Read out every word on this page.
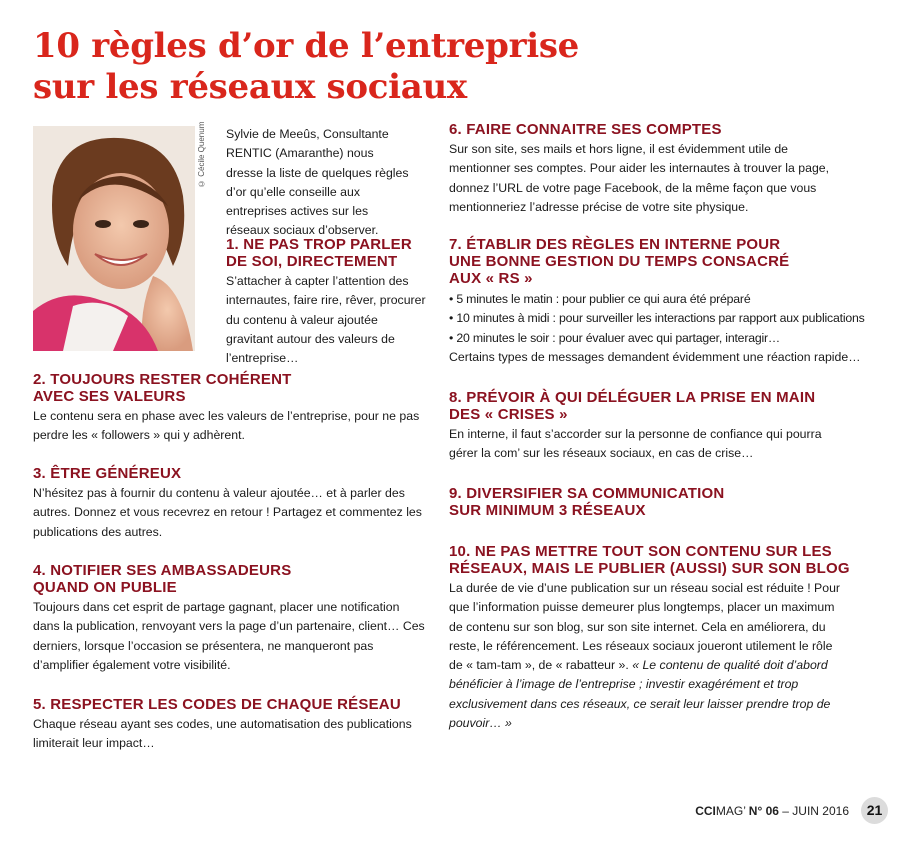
10 règles d’or de l’entreprise
sur les réseaux sociaux
© Cécile Quenum Sylvie de Meeûs, Consultante RENTIC (Amaranthe) nous dresse la liste de quelques règles d’or qu’elle conseille aux entreprises actives sur les réseaux sociaux d’observer.

1. NE PAS TROP PARLER
DE SOI, DIRECTEMENT

S’attacher à capter l’attention des internautes, faire rire, rêver, procurer du contenu à valeur ajoutée gravitant autour des valeurs de l’entreprise…

2. TOUJOURS RESTER COHÉRENT
AVEC SES VALEURS

Le contenu sera en phase avec les valeurs de l’entreprise, pour ne pas perdre les « followers » qui y adhèrent.

3. ÊTRE GÉNÉREUX

N’hésitez pas à fournir du contenu à valeur ajoutée… et à parler des autres. Donnez et vous recevrez en retour ! Partagez et commentez les publications des autres.

4. NOTIFIER SES AMBASSADEURS
QUAND ON PUBLIE

Toujours dans cet esprit de partage gagnant, placer une notification dans la publication, renvoyant vers la page d’un partenaire, client… Ces derniers, lorsque l’occasion se présentera, ne manqueront pas d’amplifier également votre visibilité.

5. RESPECTER LES CODES DE CHAQUE RÉSEAU

Chaque réseau ayant ses codes, une automatisation des publications limiterait leur impact…

6. FAIRE CONNAITRE SES COMPTES

Sur son site, ses mails et hors ligne, il est évidemment utile de mentionner ses comptes. Pour aider les internautes à trouver la page, donnez l’URL de votre page Facebook, de la même façon que vous mentionneriez l’adresse précise de votre site physique.

7. ÉTABLIR DES RÈGLES EN INTERNE POUR
UNE BONNE GESTION DU TEMPS CONSACRÉ
AUX « RS »
• 5 minutes le matin : pour publier ce qui aura été préparé
• 10 minutes à midi : pour surveiller les interactions par rapport aux publications
• 20 minutes le soir : pour évaluer avec qui partager, interagir…

Certains types de messages demandent évidemment une réaction rapide…

8. PRÉVOIR À QUI DÉLÉGUER LA PRISE EN MAIN
DES « CRISES »

En interne, il faut s’accorder sur la personne de confiance qui pourra gérer la com’ sur les réseaux sociaux, en cas de crise…

9. DIVERSIFIER SA COMMUNICATION
SUR MINIMUM 3 RÉSEAUX
10. NE PAS METTRE TOUT SON CONTENU SUR LES
RÉSEAUX, MAIS LE PUBLIER (AUSSI) SUR SON BLOG

La durée de vie d’une publication sur un réseau social est réduite ! Pour que l’information puisse demeurer plus longtemps, placer un maximum de contenu sur son blog, sur son site internet. Cela en améliorera, du reste, le référencement. Les réseaux sociaux joueront utilement le rôle de « tam-tam », de « rabatteur ». « Le contenu de qualité doit d’abord bénéficier à l’image de l’entreprise ; investir exagérément et trop exclusivement dans ces réseaux, ce serait leur laisser prendre trop de pouvoir… »

CCIMAG’ N° 06 – JUIN 2016	21
